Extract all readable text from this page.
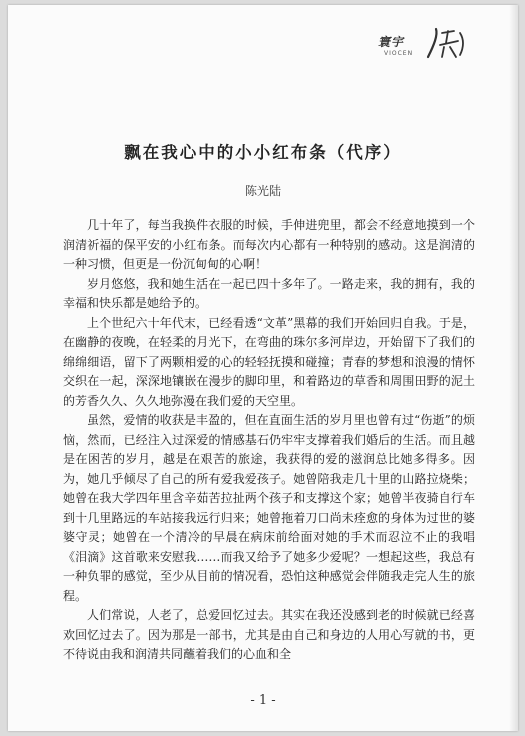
寰宇
VIOCEN
飘在我心中的小小红布条（代序）
陈光陆

几十年了，每当我换件衣服的时候，手伸进兜里，都会不经意地摸到一个润清祈福的保平安的小红布条。而每次内心都有一种特别的感动。这是润清的一种习惯，但更是一份沉甸甸的心啊！

岁月悠悠，我和她生活在一起已四十多年了。一路走来，我的拥有，我的幸福和快乐都是她给予的。

上个世纪六十年代末，已经看透“文革”黑幕的我们开始回归自我。于是，在幽静的夜晚，在轻柔的月光下，在弯曲的珠尔多河岸边，开始留下了我们的绵绵细语，留下了两颗相爱的心的轻轻抚摸和碰撞；青春的梦想和浪漫的情怀交织在一起，深深地镶嵌在漫步的脚印里，和着路边的草香和周围田野的泥土的芳香久久、久久地弥漫在我们爱的天空里。

虽然，爱情的收获是丰盈的，但在直面生活的岁月里也曾有过“伤逝”的烦恼，然而，已经注入过深爱的情感基石仍牢牢支撑着我们婚后的生活。而且越是在困苦的岁月，越是在艰苦的旅途，我获得的爱的滋润总比她多得多。因为，她几乎倾尽了自己的所有爱我爱孩子。她曾陪我走几十里的山路拉烧柴；她曾在我大学四年里含辛茹苦拉扯两个孩子和支撑这个家；她曾半夜骑自行车到十几里路远的车站接我远行归来；她曾拖着刀口尚未痊愈的身体为过世的婆婆守灵；她曾在一个清冷的早晨在病床前给面对她的手术而忍泣不止的我唱《泪滴》这首歌来安慰我……而我又给予了她多少爱呢？一想起这些，我总有一种负罪的感觉，至少从目前的情况看，恐怕这种感觉会伴随我走完人生的旅程。

人们常说，人老了，总爱回忆过去。其实在我还没感到老的时候就已经喜欢回忆过去了。因为那是一部书，尤其是由自己和身边的人用心写就的书，更不待说由我和润清共同蘸着我们的心血和全

- 1 -
